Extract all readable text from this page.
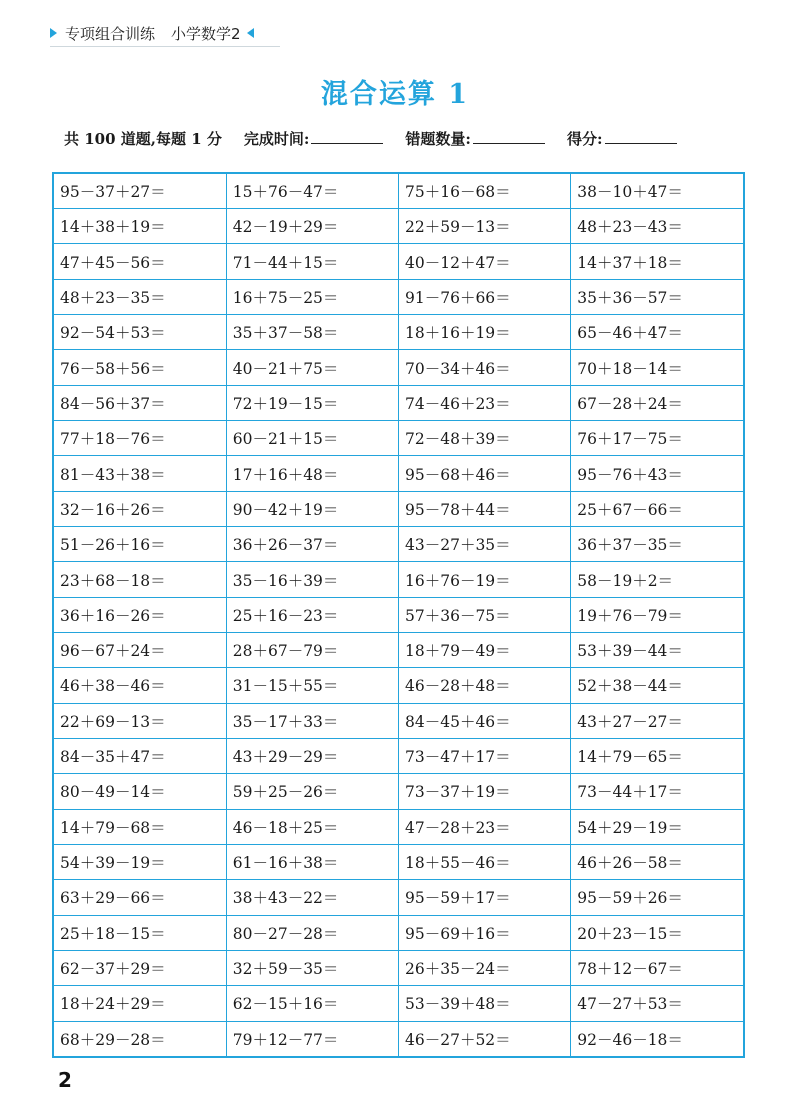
专项组合训练 小学数学2
混合运算 1
共 100 道题,每题 1 分 完成时间:	错题数量:	得分:
95－37＋27＝	15＋76－47＝	75＋16－68＝	38－10＋47＝
14＋38＋19＝	42－19＋29＝	22＋59－13＝	48＋23－43＝
47＋45－56＝	71－44＋15＝	40－12＋47＝	14＋37＋18＝
48＋23－35＝	16＋75－25＝	91－76＋66＝	35＋36－57＝
92－54＋53＝	35＋37－58＝	18＋16＋19＝	65－46＋47＝
76－58＋56＝	40－21＋75＝	70－34＋46＝	70＋18－14＝
84－56＋37＝	72＋19－15＝	74－46＋23＝	67－28＋24＝
77＋18－76＝	60－21＋15＝	72－48＋39＝	76＋17－75＝
81－43＋38＝	17＋16＋48＝	95－68＋46＝	95－76＋43＝
32－16＋26＝	90－42＋19＝	95－78＋44＝	25＋67－66＝
51－26＋16＝	36＋26－37＝	43－27＋35＝	36＋37－35＝
23＋68－18＝	35－16＋39＝	16＋76－19＝	58－19＋2＝
36＋16－26＝	25＋16－23＝	57＋36－75＝	19＋76－79＝
96－67＋24＝	28＋67－79＝	18＋79－49＝	53＋39－44＝
46＋38－46＝	31－15＋55＝	46－28＋48＝	52＋38－44＝
22＋69－13＝	35－17＋33＝	84－45＋46＝	43＋27－27＝
84－35＋47＝	43＋29－29＝	73－47＋17＝	14＋79－65＝
80－49－14＝	59＋25－26＝	73－37＋19＝	73－44＋17＝
14＋79－68＝	46－18＋25＝	47－28＋23＝	54＋29－19＝
54＋39－19＝	61－16＋38＝	18＋55－46＝	46＋26－58＝
63＋29－66＝	38＋43－22＝	95－59＋17＝	95－59＋26＝
25＋18－15＝	80－27－28＝	95－69＋16＝	20＋23－15＝
62－37＋29＝	32＋59－35＝	26＋35－24＝	78＋12－67＝
18＋24＋29＝	62－15＋16＝	53－39＋48＝	47－27＋53＝
68＋29－28＝	79＋12－77＝	46－27＋52＝	92－46－18＝
2
